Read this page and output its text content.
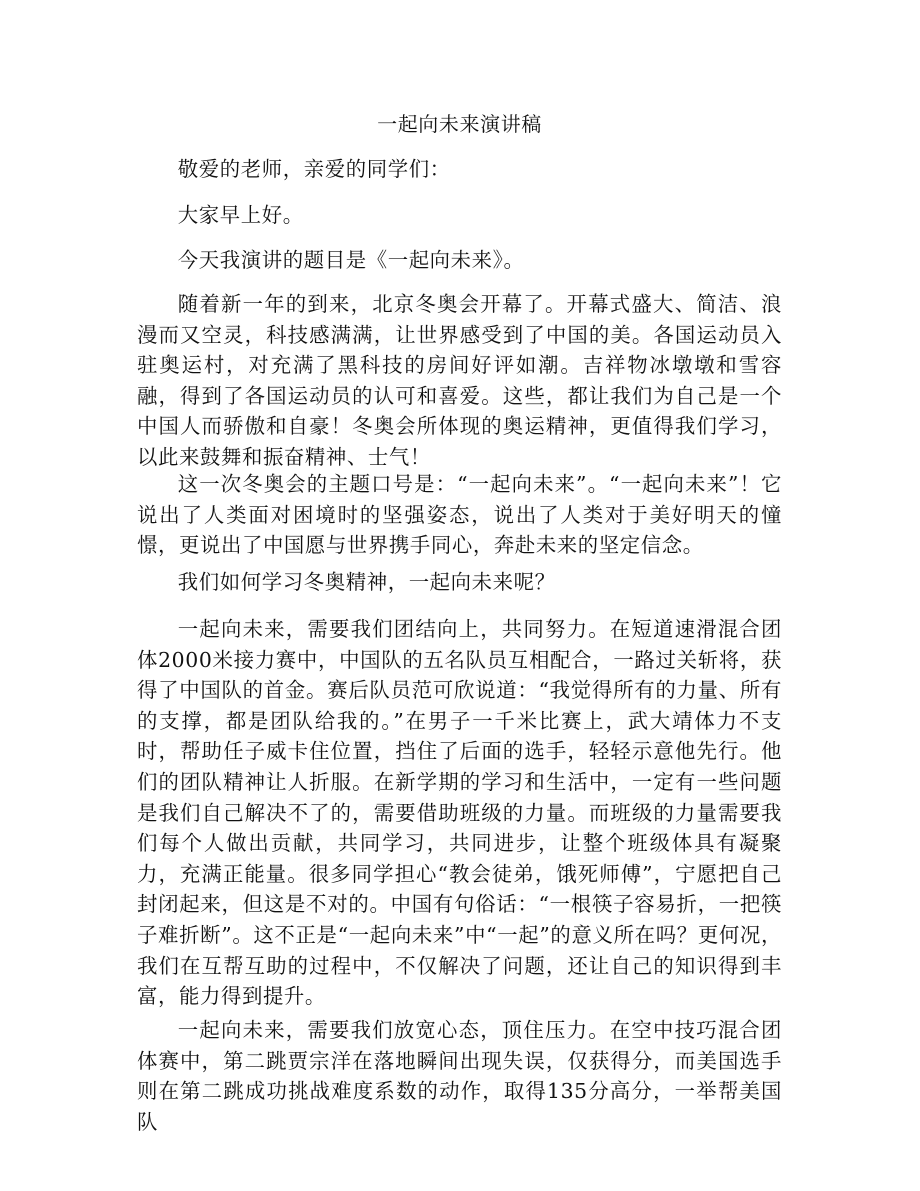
一起向未来演讲稿

敬爱的老师，亲爱的同学们：

大家早上好。

今天我演讲的题目是《一起向未来》。

随着新一年的到来，北京冬奥会开幕了。开幕式盛大、简洁、浪漫而又空灵，科技感满满，让世界感受到了中国的美。各国运动员入驻奥运村，对充满了黑科技的房间好评如潮。吉祥物冰墩墩和雪容融，得到了各国运动员的认可和喜爱。这些，都让我们为自己是一个中国人而骄傲和自豪！冬奥会所体现的奥运精神，更值得我们学习，以此来鼓舞和振奋精神、士气！

这一次冬奥会的主题口号是：“一起向未来”。“一起向未来”！它说出了人类面对困境时的坚强姿态，说出了人类对于美好明天的憧憬，更说出了中国愿与世界携手同心，奔赴未来的坚定信念。

我们如何学习冬奥精神，一起向未来呢？

一起向未来，需要我们团结向上，共同努力。在短道速滑混合团体2000米接力赛中，中国队的五名队员互相配合，一路过关斩将，获得了中国队的首金。赛后队员范可欣说道：“我觉得所有的力量、所有的支撑，都是团队给我的。”在男子一千米比赛上，武大靖体力不支时，帮助任子威卡住位置，挡住了后面的选手，轻轻示意他先行。他们的团队精神让人折服。在新学期的学习和生活中，一定有一些问题是我们自己解决不了的，需要借助班级的力量。而班级的力量需要我们每个人做出贡献，共同学习，共同进步，让整个班级体具有凝聚力，充满正能量。很多同学担心“教会徒弟，饿死师傅”，宁愿把自己封闭起来，但这是不对的。中国有句俗话：“一根筷子容易折，一把筷子难折断”。这不正是“一起向未来”中“一起”的意义所在吗？更何况，我们在互帮互助的过程中，不仅解决了问题，还让自己的知识得到丰富，能力得到提升。

一起向未来，需要我们放宽心态，顶住压力。在空中技巧混合团体赛中，第二跳贾宗洋在落地瞬间出现失误，仅获得分，而美国选手则在第二跳成功挑战难度系数的动作，取得135分高分，一举帮美国队
